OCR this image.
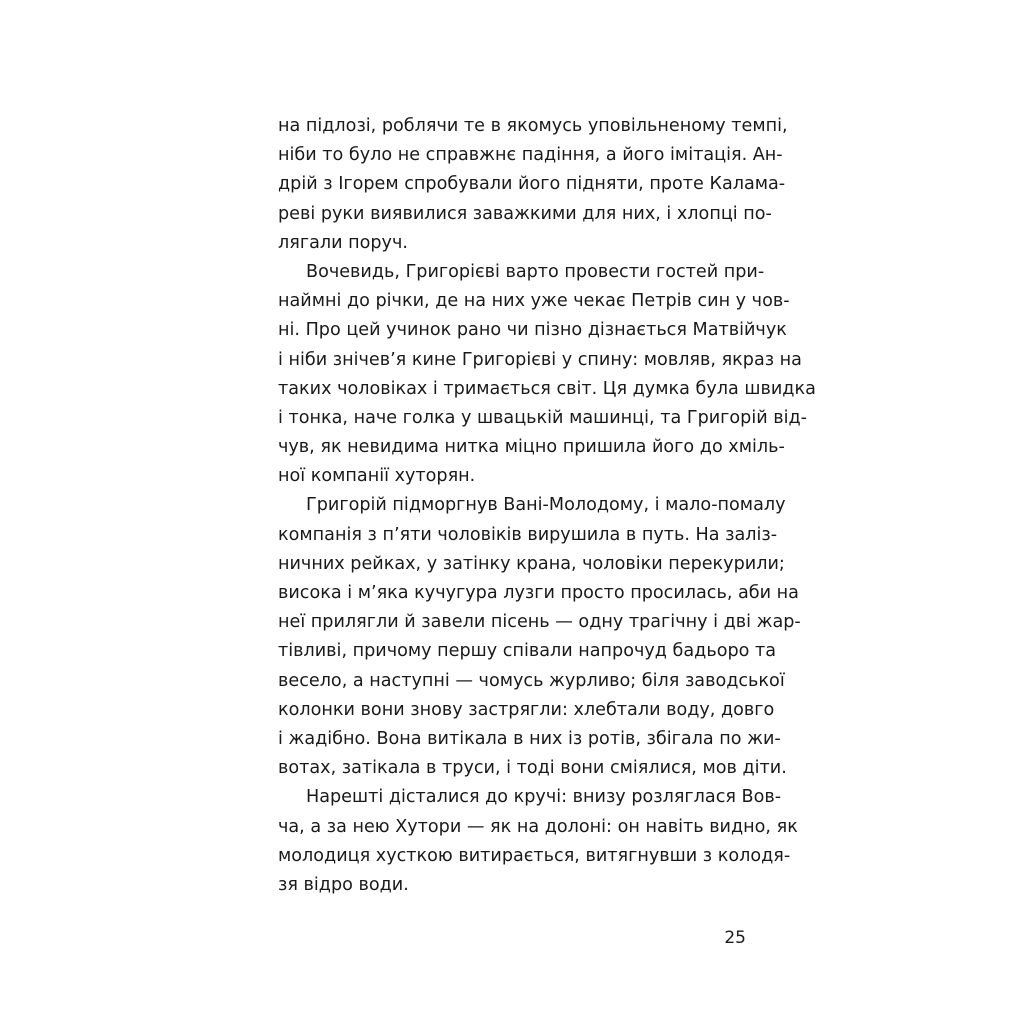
на підлозі, роблячи те в якомусь уповільненому темпі,
ніби то було не справжнє падіння, а його імітація. Ан-
дрій з Ігорем спробували його підняти, проте Калама-
реві руки виявилися заважкими для них, і хлопці по-
лягали поруч.
Вочевидь, Григорієві варто провести гостей при-
наймні до річки, де на них уже чекає Петрів син у чов-
ні. Про цей учинок рано чи пізно дізнається Матвійчук
і ніби знічев’я кине Григорієві у спину: мовляв, якраз на
таких чоловіках і тримається світ. Ця думка була швидка
і тонка, наче голка у швацькій машинці, та Григорій від-
чув, як невидима нитка міцно пришила його до хміль-
ної компанії хуторян.
Григорій підморгнув Вані-Молодому, і мало-помалу
компанія з п’яти чоловіків вирушила в путь. На заліз-
ничних рейках, у затінку крана, чоловіки перекурили;
висока і м’яка кучугура лузги просто просилась, аби на
неї прилягли й завели пісень — одну трагічну і дві жар-
тівливі, причому першу співали напрочуд бадьоро та
весело, а наступні — чомусь журливо; біля заводської
колонки вони знову застрягли: хлебтали воду, довго
і жадібно. Вона витікала в них із ротів, збігала по жи-
вотах, затікала в труси, і тоді вони сміялися, мов діти.
Нарешті дісталися до кручі: внизу розляглася Вов-
ча, а за нею Хутори — як на долоні: он навіть видно, як
молодиця хусткою витирається, витягнувши з колодя-
зя відро води.
25
